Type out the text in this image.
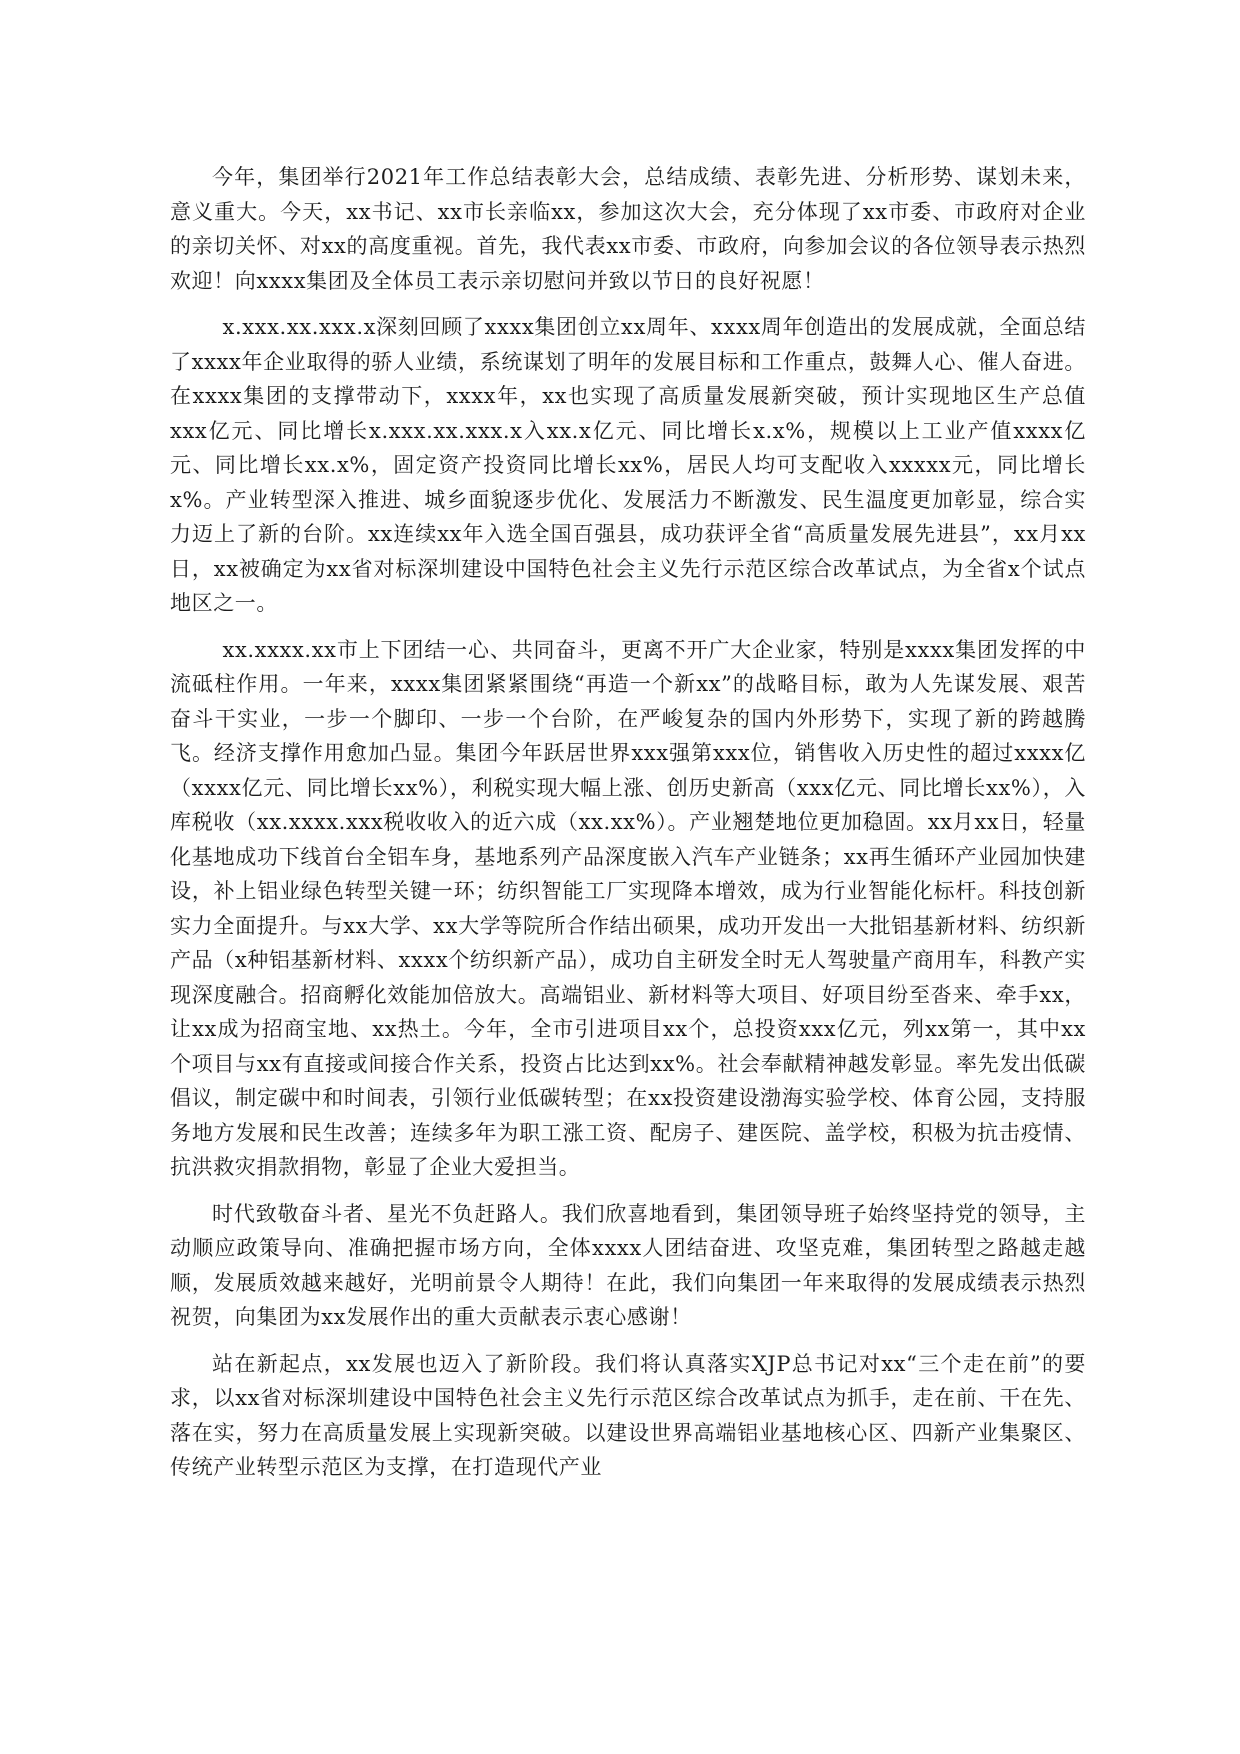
今年，集团举行2021年工作总结表彰大会，总结成绩、表彰先进、分析形势、谋划未来，意义重大。今天，xx书记、xx市长亲临xx，参加这次大会，充分体现了xx市委、市政府对企业的亲切关怀、对xx的高度重视。首先，我代表xx市委、市政府，向参加会议的各位领导表示热烈欢迎！向xxxx集团及全体员工表示亲切慰问并致以节日的良好祝愿！

x.xxx.xx.xxx.x深刻回顾了xxxx集团创立xx周年、xxxx周年创造出的发展成就，全面总结了xxxx年企业取得的骄人业绩，系统谋划了明年的发展目标和工作重点，鼓舞人心、催人奋进。在xxxx集团的支撑带动下，xxxx年，xx也实现了高质量发展新突破，预计实现地区生产总值xxx亿元、同比增长x.xxx.xx.xxx.x入xx.x亿元、同比增长x.x%，规模以上工业产值xxxx亿元、同比增长xx.x%，固定资产投资同比增长xx%，居民人均可支配收入xxxxx元，同比增长x%。产业转型深入推进、城乡面貌逐步优化、发展活力不断激发、民生温度更加彰显，综合实力迈上了新的台阶。xx连续xx年入选全国百强县，成功获评全省“高质量发展先进县”，xx月xx日，xx被确定为xx省对标深圳建设中国特色社会主义先行示范区综合改革试点，为全省x个试点地区之一。

xx.xxxx.xx市上下团结一心、共同奋斗，更离不开广大企业家，特别是xxxx集团发挥的中流砥柱作用。一年来，xxxx集团紧紧围绕“再造一个新xx”的战略目标，敢为人先谋发展、艰苦奋斗干实业，一步一个脚印、一步一个台阶，在严峻复杂的国内外形势下，实现了新的跨越腾飞。经济支撑作用愈加凸显。集团今年跃居世界xxx强第xxx位，销售收入历史性的超过xxxx亿（xxxx亿元、同比增长xx%），利税实现大幅上涨、创历史新高（xxx亿元、同比增长xx%），入库税收（xx.xxxx.xxx税收收入的近六成（xx.xx%）。产业翘楚地位更加稳固。xx月xx日，轻量化基地成功下线首台全铝车身，基地系列产品深度嵌入汽车产业链条；xx再生循环产业园加快建设，补上铝业绿色转型关键一环；纺织智能工厂实现降本增效，成为行业智能化标杆。科技创新实力全面提升。与xx大学、xx大学等院所合作结出硕果，成功开发出一大批铝基新材料、纺织新产品（x种铝基新材料、xxxx个纺织新产品），成功自主研发全时无人驾驶量产商用车，科教产实现深度融合。招商孵化效能加倍放大。高端铝业、新材料等大项目、好项目纷至沓来、牵手xx，让xx成为招商宝地、xx热土。今年，全市引进项目xx个，总投资xxx亿元，列xx第一，其中xx个项目与xx有直接或间接合作关系，投资占比达到xx%。社会奉献精神越发彰显。率先发出低碳倡议，制定碳中和时间表，引领行业低碳转型；在xx投资建设渤海实验学校、体育公园，支持服务地方发展和民生改善；连续多年为职工涨工资、配房子、建医院、盖学校，积极为抗击疫情、抗洪救灾捐款捐物，彰显了企业大爱担当。

时代致敬奋斗者、星光不负赶路人。我们欣喜地看到，集团领导班子始终坚持党的领导，主动顺应政策导向、准确把握市场方向，全体xxxx人团结奋进、攻坚克难，集团转型之路越走越顺，发展质效越来越好，光明前景令人期待！在此，我们向集团一年来取得的发展成绩表示热烈祝贺，向集团为xx发展作出的重大贡献表示衷心感谢！

站在新起点，xx发展也迈入了新阶段。我们将认真落实XJP总书记对xx“三个走在前”的要求，以xx省对标深圳建设中国特色社会主义先行示范区综合改革试点为抓手，走在前、干在先、落在实，努力在高质量发展上实现新突破。以建设世界高端铝业基地核心区、四新产业集聚区、传统产业转型示范区为支撑，在打造现代产业
